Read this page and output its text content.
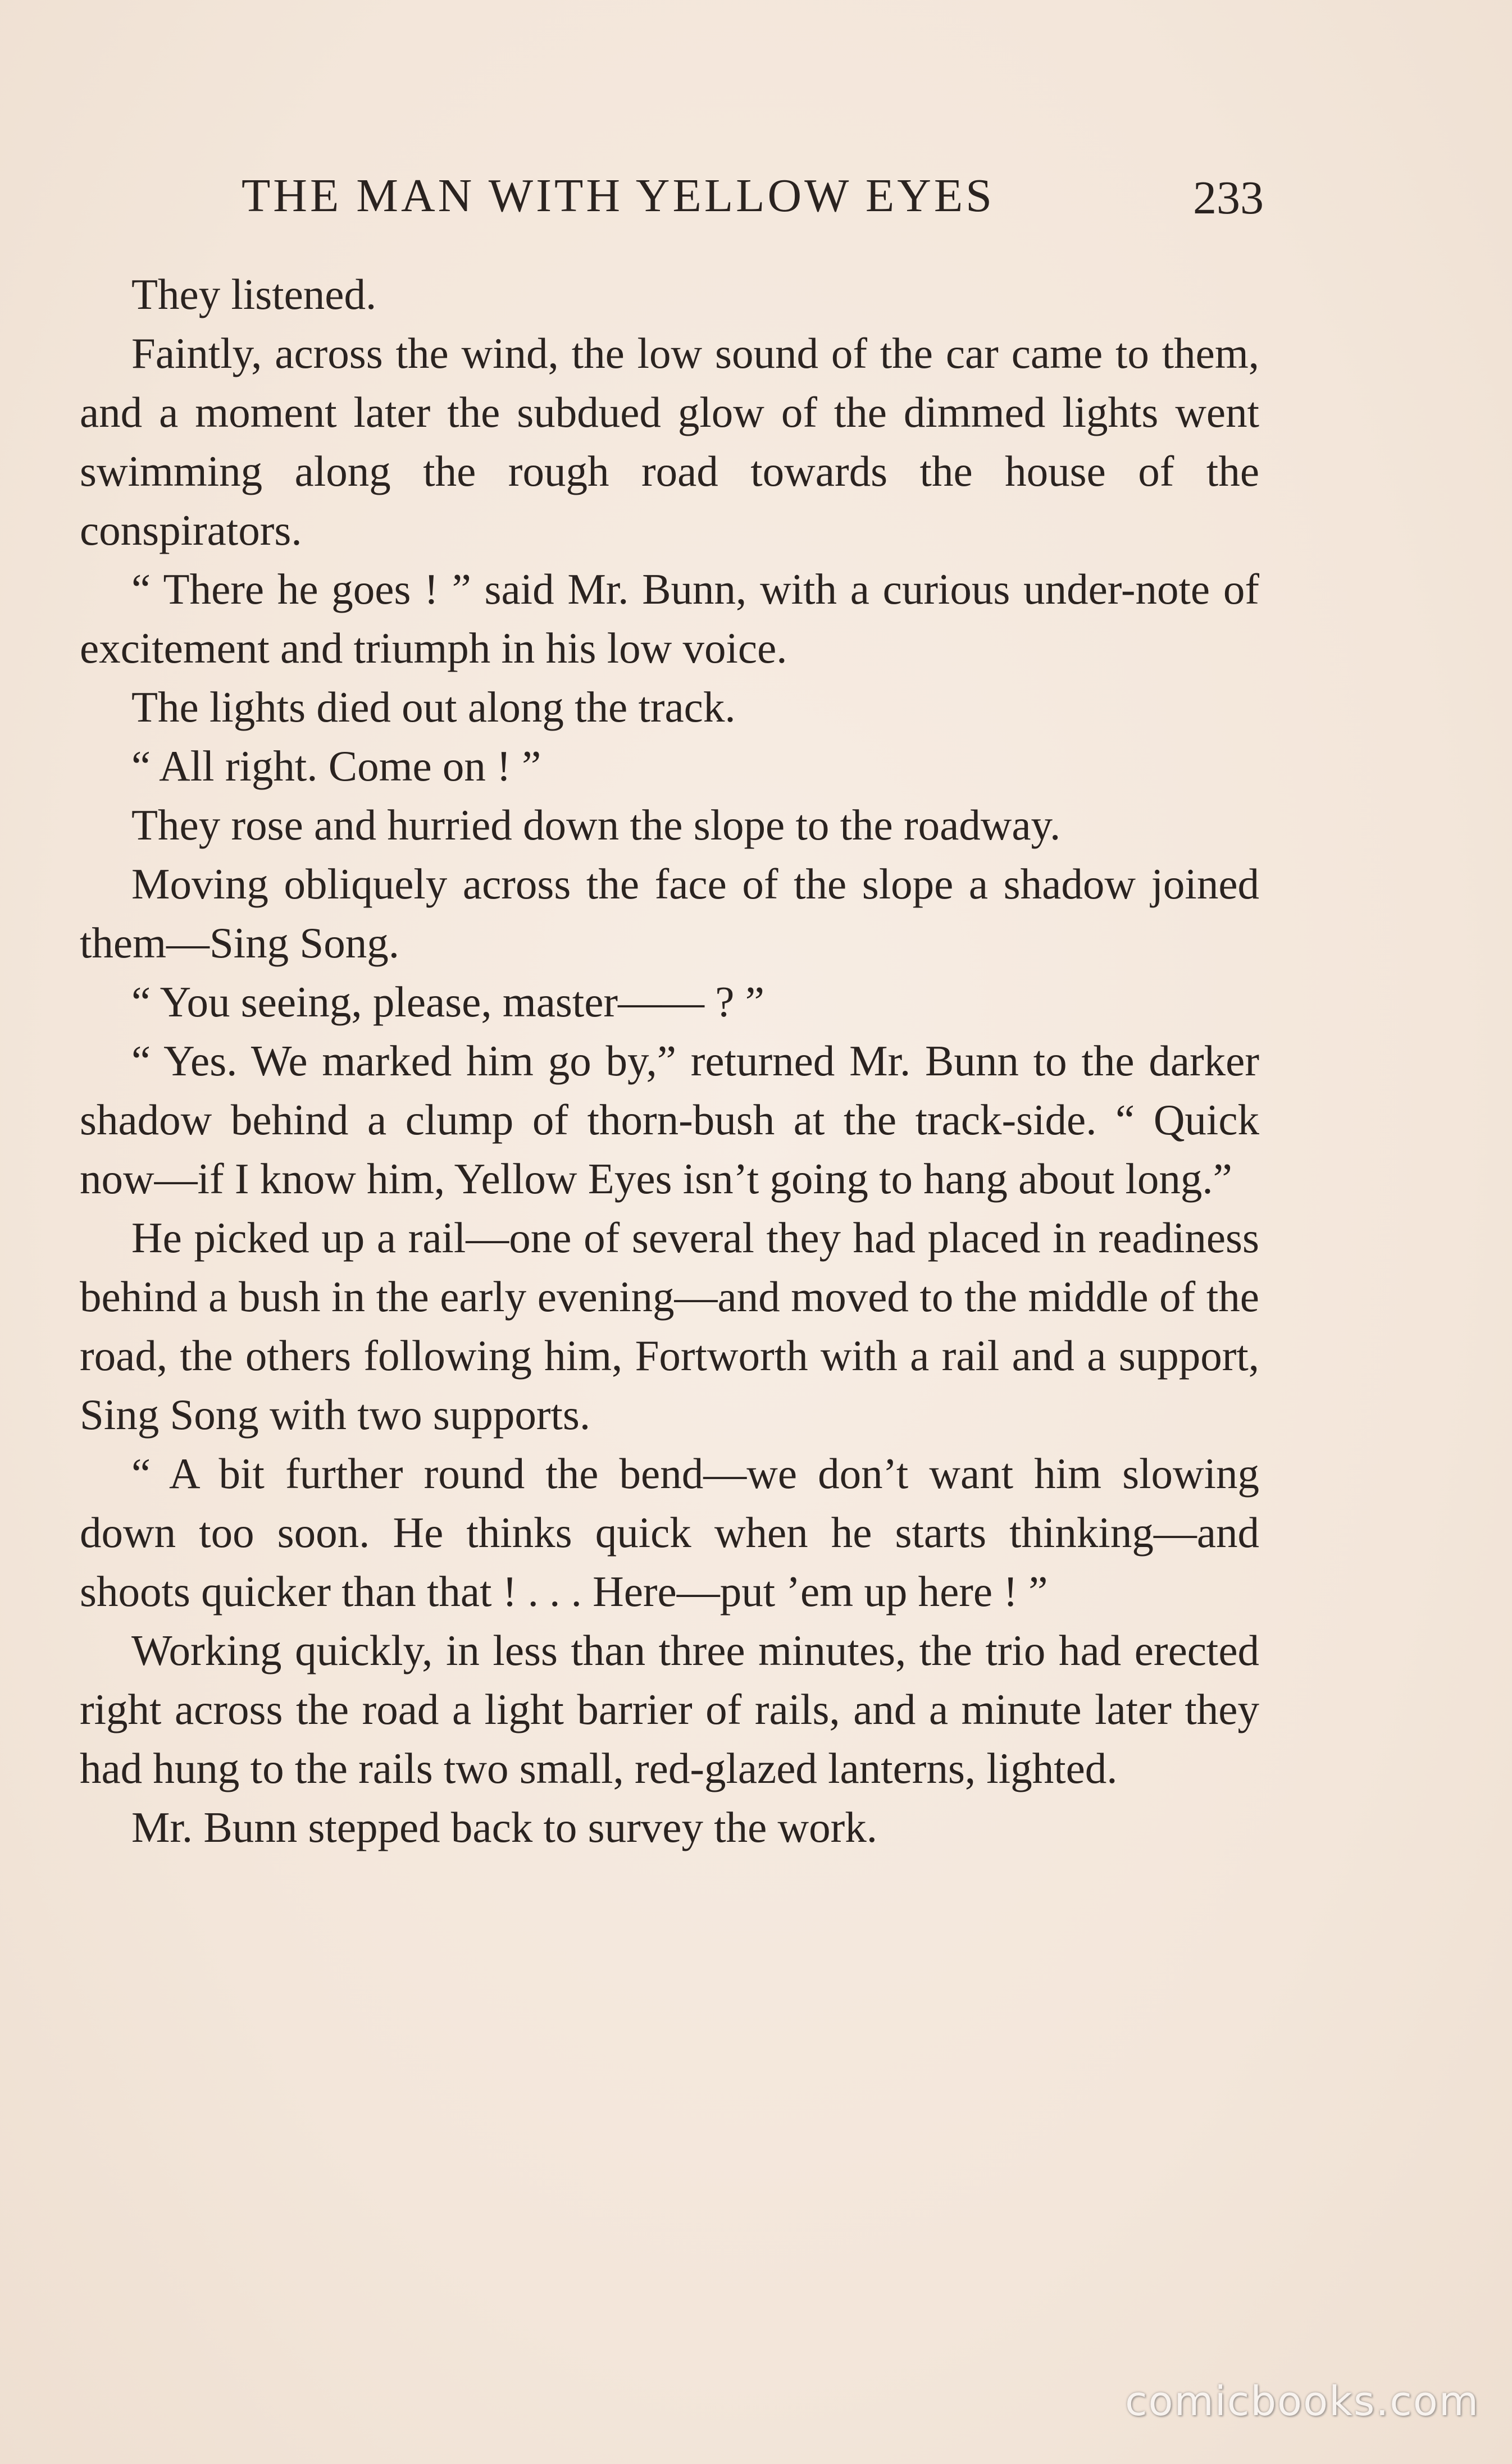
THE MAN WITH YELLOW EYES	233

They listened.

Faintly, across the wind, the low sound of the car came to them, and a moment later the subdued glow of the dimmed lights went swimming along the rough road towards the house of the conspirators.

“ There he goes ! ” said Mr. Bunn, with a curious under-note of excitement and triumph in his low voice.

The lights died out along the track.

“ All right. Come on ! ”

They rose and hurried down the slope to the roadway.

Moving obliquely across the face of the slope a shadow joined them—Sing Song.

“ You seeing, please, master—— ? ”

“ Yes. We marked him go by,” returned Mr. Bunn to the darker shadow behind a clump of thorn-bush at the track-side. “ Quick now—if I know him, Yellow Eyes isn’t going to hang about long.”

He picked up a rail—one of several they had placed in readiness behind a bush in the early evening—and moved to the middle of the road, the others following him, Fortworth with a rail and a support, Sing Song with two supports.

“ A bit further round the bend—we don’t want him slowing down too soon. He thinks quick when he starts thinking—and shoots quicker than that ! . . . Here—put ’em up here ! ”

Working quickly, in less than three minutes, the trio had erected right across the road a light barrier of rails, and a minute later they had hung to the rails two small, red-glazed lanterns, lighted.

Mr. Bunn stepped back to survey the work.

comicbooks.com
